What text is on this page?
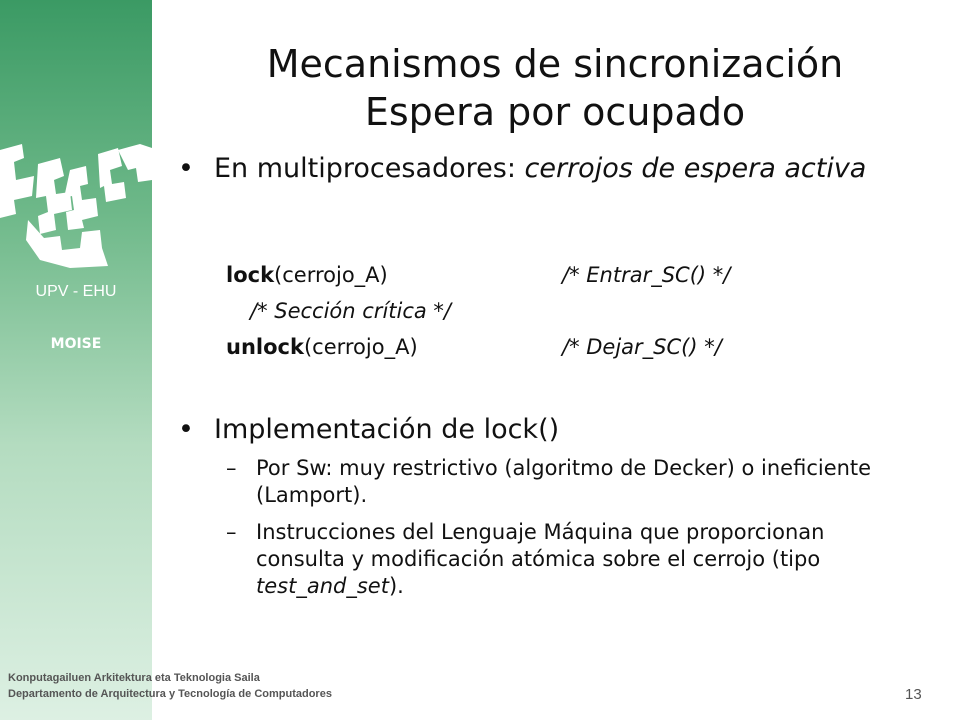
UPV - EHU
MOISE
Mecanismos de sincronización
Espera por ocupado
• En multiprocesadores: cerrojos de espera activa
lock(cerrojo_A)	/* Entrar_SC() */
/* Sección crítica */
unlock(cerrojo_A)	/* Dejar_SC() */
• Implementación de lock()
– Por Sw: muy restrictivo (algoritmo de Decker) o ineficiente (Lamport).
– Instrucciones del Lenguaje Máquina que proporcionan consulta y modificación atómica sobre el cerrojo (tipo test_and_set).
Konputagailuen Arkitektura eta Teknologia Saila
Departamento de Arquitectura y Tecnología de Computadores	13
